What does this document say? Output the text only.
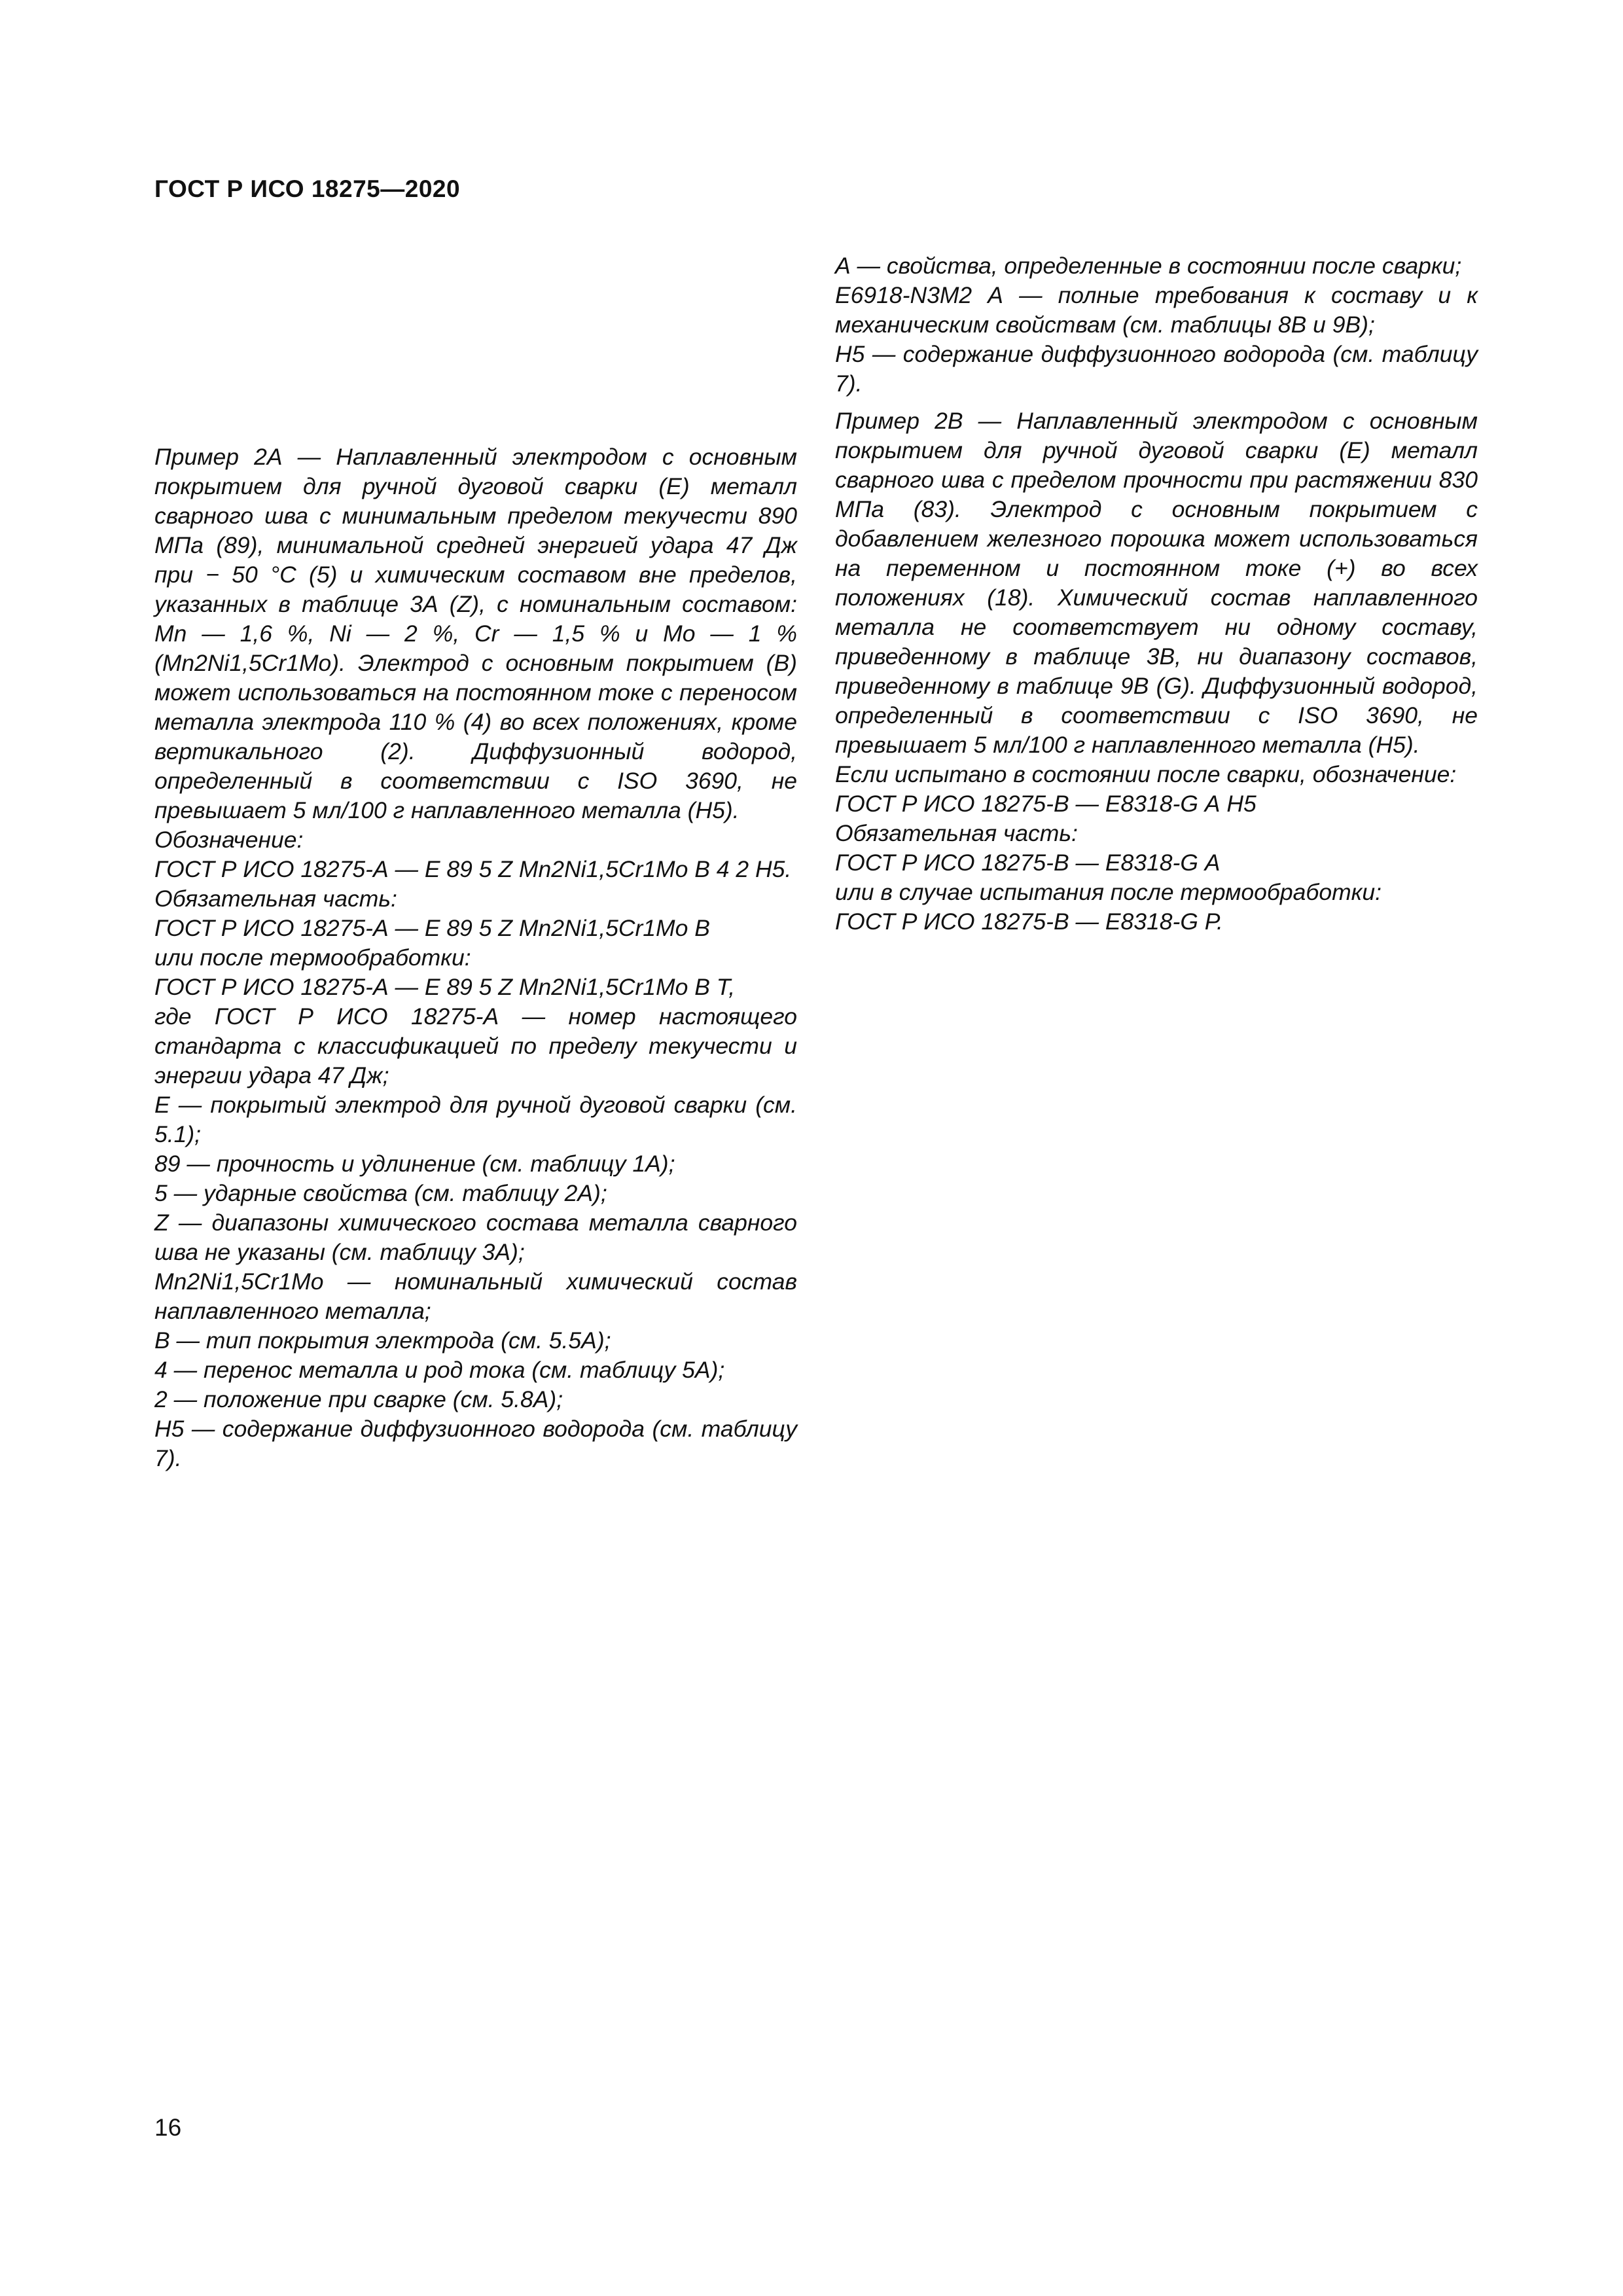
ГОСТ Р ИСО 18275—2020

Пример 2А — Наплавленный электродом с основным покрытием для ручной дуговой сварки (Е) металл сварного шва с минимальным пределом текучести 890 МПа (89), минимальной средней энергией удара 47 Дж при − 50 °С (5) и химическим составом вне пределов, указанных в таблице 3А (Z), с номинальным составом: Mn — 1,6 %, Ni — 2 %, Cr — 1,5 % и Mo — 1 % (Mn2Ni1,5Cr1Mo). Электрод с основным покрытием (В) может использоваться на постоянном токе с переносом металла электрода 110 % (4) во всех положениях, кроме вертикального (2). Диффузионный водород, определенный в соответствии с ISO 3690, не превышает 5 мл/100 г наплавленного металла (Н5).

Обозначение:

ГОСТ Р ИСО 18275-А — Е 89 5 Z Mn2Ni1,5Cr1Mo В 4 2 Н5.

Обязательная часть:

ГОСТ Р ИСО 18275-А — Е 89 5 Z Mn2Ni1,5Cr1Mo В

или после термообработки:

ГОСТ Р ИСО 18275-А — Е 89 5 Z Mn2Ni1,5Cr1Mo В Т,

где ГОСТ Р ИСО 18275-А — номер настоящего стандарта с классификацией по пределу текучести и энергии удара 47 Дж;

Е — покрытый электрод для ручной дуговой сварки (см. 5.1);

89 — прочность и удлинение (см. таблицу 1А);

5 — ударные свойства (см. таблицу 2А);

Z — диапазоны химического состава металла сварного шва не указаны (см. таблицу 3А);

Mn2Ni1,5Cr1Mo — номинальный химический состав наплавленного металла;

В — тип покрытия электрода (см. 5.5А);

4 — перенос металла и род тока (см. таблицу 5А);

2 — положение при сварке (см. 5.8А);

Н5 — содержание диффузионного водорода (см. таблицу 7).

А — свойства, определенные в состоянии после сварки;

Е6918-N3М2 А — полные требования к составу и к механическим свойствам (см. таблицы 8В и 9В);

Н5 — содержание диффузионного водорода (см. таблицу 7).

Пример 2В — Наплавленный электродом с основным покрытием для ручной дуговой сварки (Е) металл сварного шва с пределом прочности при растяжении 830 МПа (83). Электрод с основным покрытием с добавлением железного порошка может использоваться на переменном и постоянном токе (+) во всех положениях (18). Химический состав наплавленного металла не соответствует ни одному составу, приведенному в таблице 3В, ни диапазону составов, приведенному в таблице 9В (G). Диффузионный водород, определенный в соответствии с ISO 3690, не превышает 5 мл/100 г наплавленного металла (Н5).

Если испытано в состоянии после сварки, обозначение:

ГОСТ Р ИСО 18275-В — Е8318-G А Н5

Обязательная часть:

ГОСТ Р ИСО 18275-В — Е8318-G А

или в случае испытания после термообработки:

ГОСТ Р ИСО 18275-В — Е8318-G Р.

16
